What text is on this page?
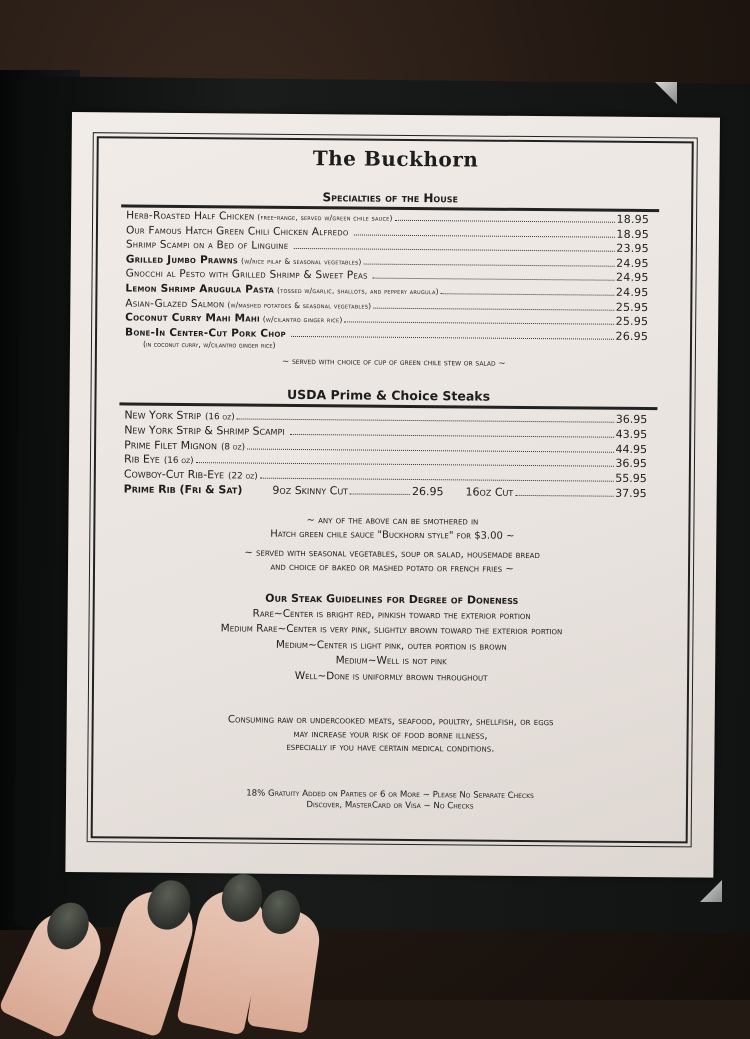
The Buckhorn
Specialties of the House
Herb-Roasted Half Chicken (free-range, served w/green chile sauce)	18.95
Our Famous Hatch Green Chili Chicken Alfredo	18.95
Shrimp Scampi on a Bed of Linguine	23.95
Grilled Jumbo Prawns (w/rice pilaf & seasonal vegetables)	24.95
Gnocchi al Pesto with Grilled Shrimp & Sweet Peas	24.95
Lemon Shrimp Arugula Pasta (tossed w/garlic, shallots, and peppery arugula)	24.95
Asian-Glazed Salmon (w/mashed potatoes & seasonal vegetables)	25.95
Coconut Curry Mahi Mahi (w/cilantro ginger rice)	25.95
Bone-In Center-Cut Pork Chop	26.95
(in coconut curry, w/cilantro ginger rice)
~ served with choice of cup of green chile stew or salad ~
USDA Prime & Choice Steaks
New York Strip (16 oz)	36.95
New York Strip & Shrimp Scampi	43.95
Prime Filet Mignon (8 oz)	44.95
Rib Eye (16 oz)	36.95
Cowboy-Cut Rib-Eye (22 oz)	55.95
Prime Rib (Fri & Sat)	9oz Skinny Cut	26.95 16oz Cut	37.95
~ any of the above can be smothered in
Hatch green chile sauce "Buckhorn style" for $3.00 ~
~ served with seasonal vegetables, soup or salad, housemade bread
and choice of baked or mashed potato or french fries ~
Our Steak Guidelines for Degree of Doneness
Rare~Center is bright red, pinkish toward the exterior portion
Medium Rare~Center is very pink, slightly brown toward the exterior portion
Medium~Center is light pink, outer portion is brown
Medium~Well is not pink
Well~Done is uniformly brown throughout
Consuming raw or undercooked meats, seafood, poultry, shellfish, or eggs
may increase your risk of food borne illness,
especially if you have certain medical conditions.
18% Gratuity Added on Parties of 6 or More ~ Please No Separate Checks
Discover, MasterCard or Visa ~ No Checks
